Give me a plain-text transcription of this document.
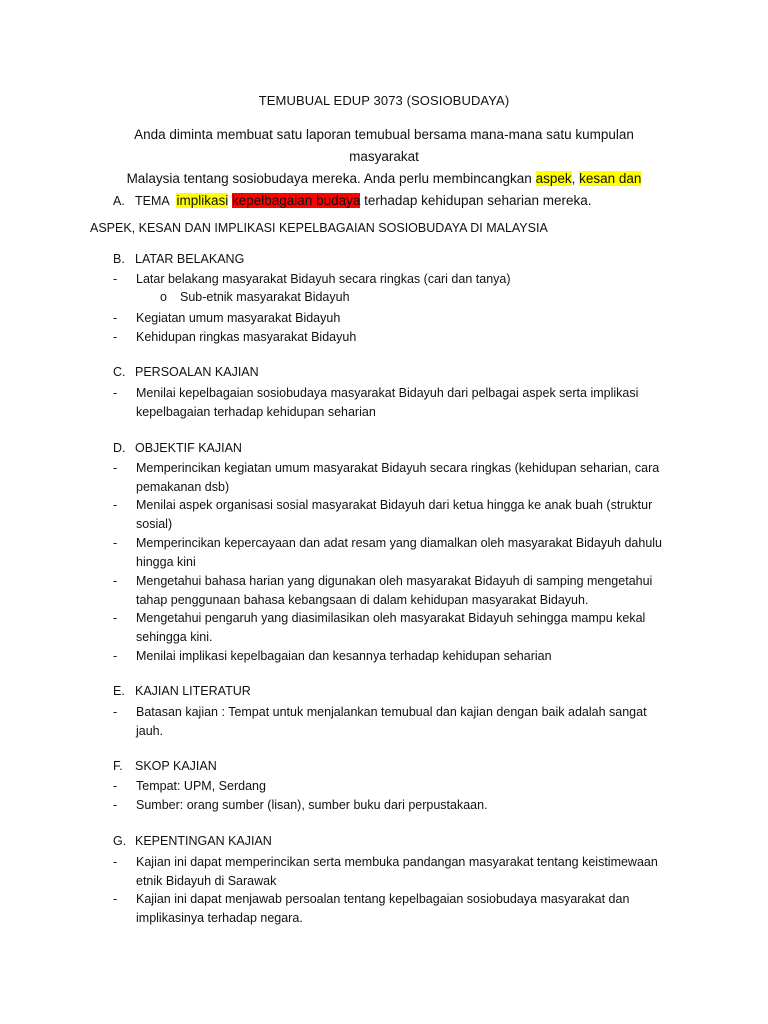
TEMUBUAL EDUP 3073 (SOSIOBUDAYA)
Anda diminta membuat satu laporan temubual bersama mana-mana satu kumpulan masyarakat
Malaysia tentang sosiobudaya mereka. Anda perlu membincangkan aspek, kesan dan
implikasi kepelbagaian budaya terhadap kehidupan seharian mereka.
A. TEMA
ASPEK, KESAN DAN IMPLIKASI KEPELBAGAIAN SOSIOBUDAYA DI MALAYSIA
B. LATAR BELAKANG
- Latar belakang masyarakat Bidayuh secara ringkas (cari dan tanya)
o Sub-etnik masyarakat Bidayuh
- Kegiatan umum masyarakat Bidayuh
- Kehidupan ringkas masyarakat Bidayuh
C. PERSOALAN KAJIAN
- Menilai kepelbagaian sosiobudaya masyarakat Bidayuh dari pelbagai aspek serta implikasi
kepelbagaian terhadap kehidupan seharian
D. OBJEKTIF KAJIAN
- Memperincikan kegiatan umum masyarakat Bidayuh secara ringkas (kehidupan seharian, cara
pemakanan dsb)
- Menilai aspek organisasi sosial masyarakat Bidayuh dari ketua hingga ke anak buah (struktur
sosial)
- Memperincikan kepercayaan dan adat resam yang diamalkan oleh masyarakat Bidayuh dahulu
hingga kini
- Mengetahui bahasa harian yang digunakan oleh masyarakat Bidayuh di samping mengetahui
tahap penggunaan bahasa kebangsaan di dalam kehidupan masyarakat Bidayuh.
- Mengetahui pengaruh yang diasimilasikan oleh masyarakat Bidayuh sehingga mampu kekal
sehingga kini.
- Menilai implikasi kepelbagaian dan kesannya terhadap kehidupan seharian
E. KAJIAN LITERATUR
- Batasan kajian : Tempat untuk menjalankan temubual dan kajian dengan baik adalah sangat
jauh.
F. SKOP KAJIAN
- Tempat: UPM, Serdang
- Sumber: orang sumber (lisan), sumber buku dari perpustakaan.
G. KEPENTINGAN KAJIAN
- Kajian ini dapat memperincikan serta membuka pandangan masyarakat tentang keistimewaan
etnik Bidayuh di Sarawak
- Kajian ini dapat menjawab persoalan tentang kepelbagaian sosiobudaya masyarakat dan
implikasinya terhadap negara.
